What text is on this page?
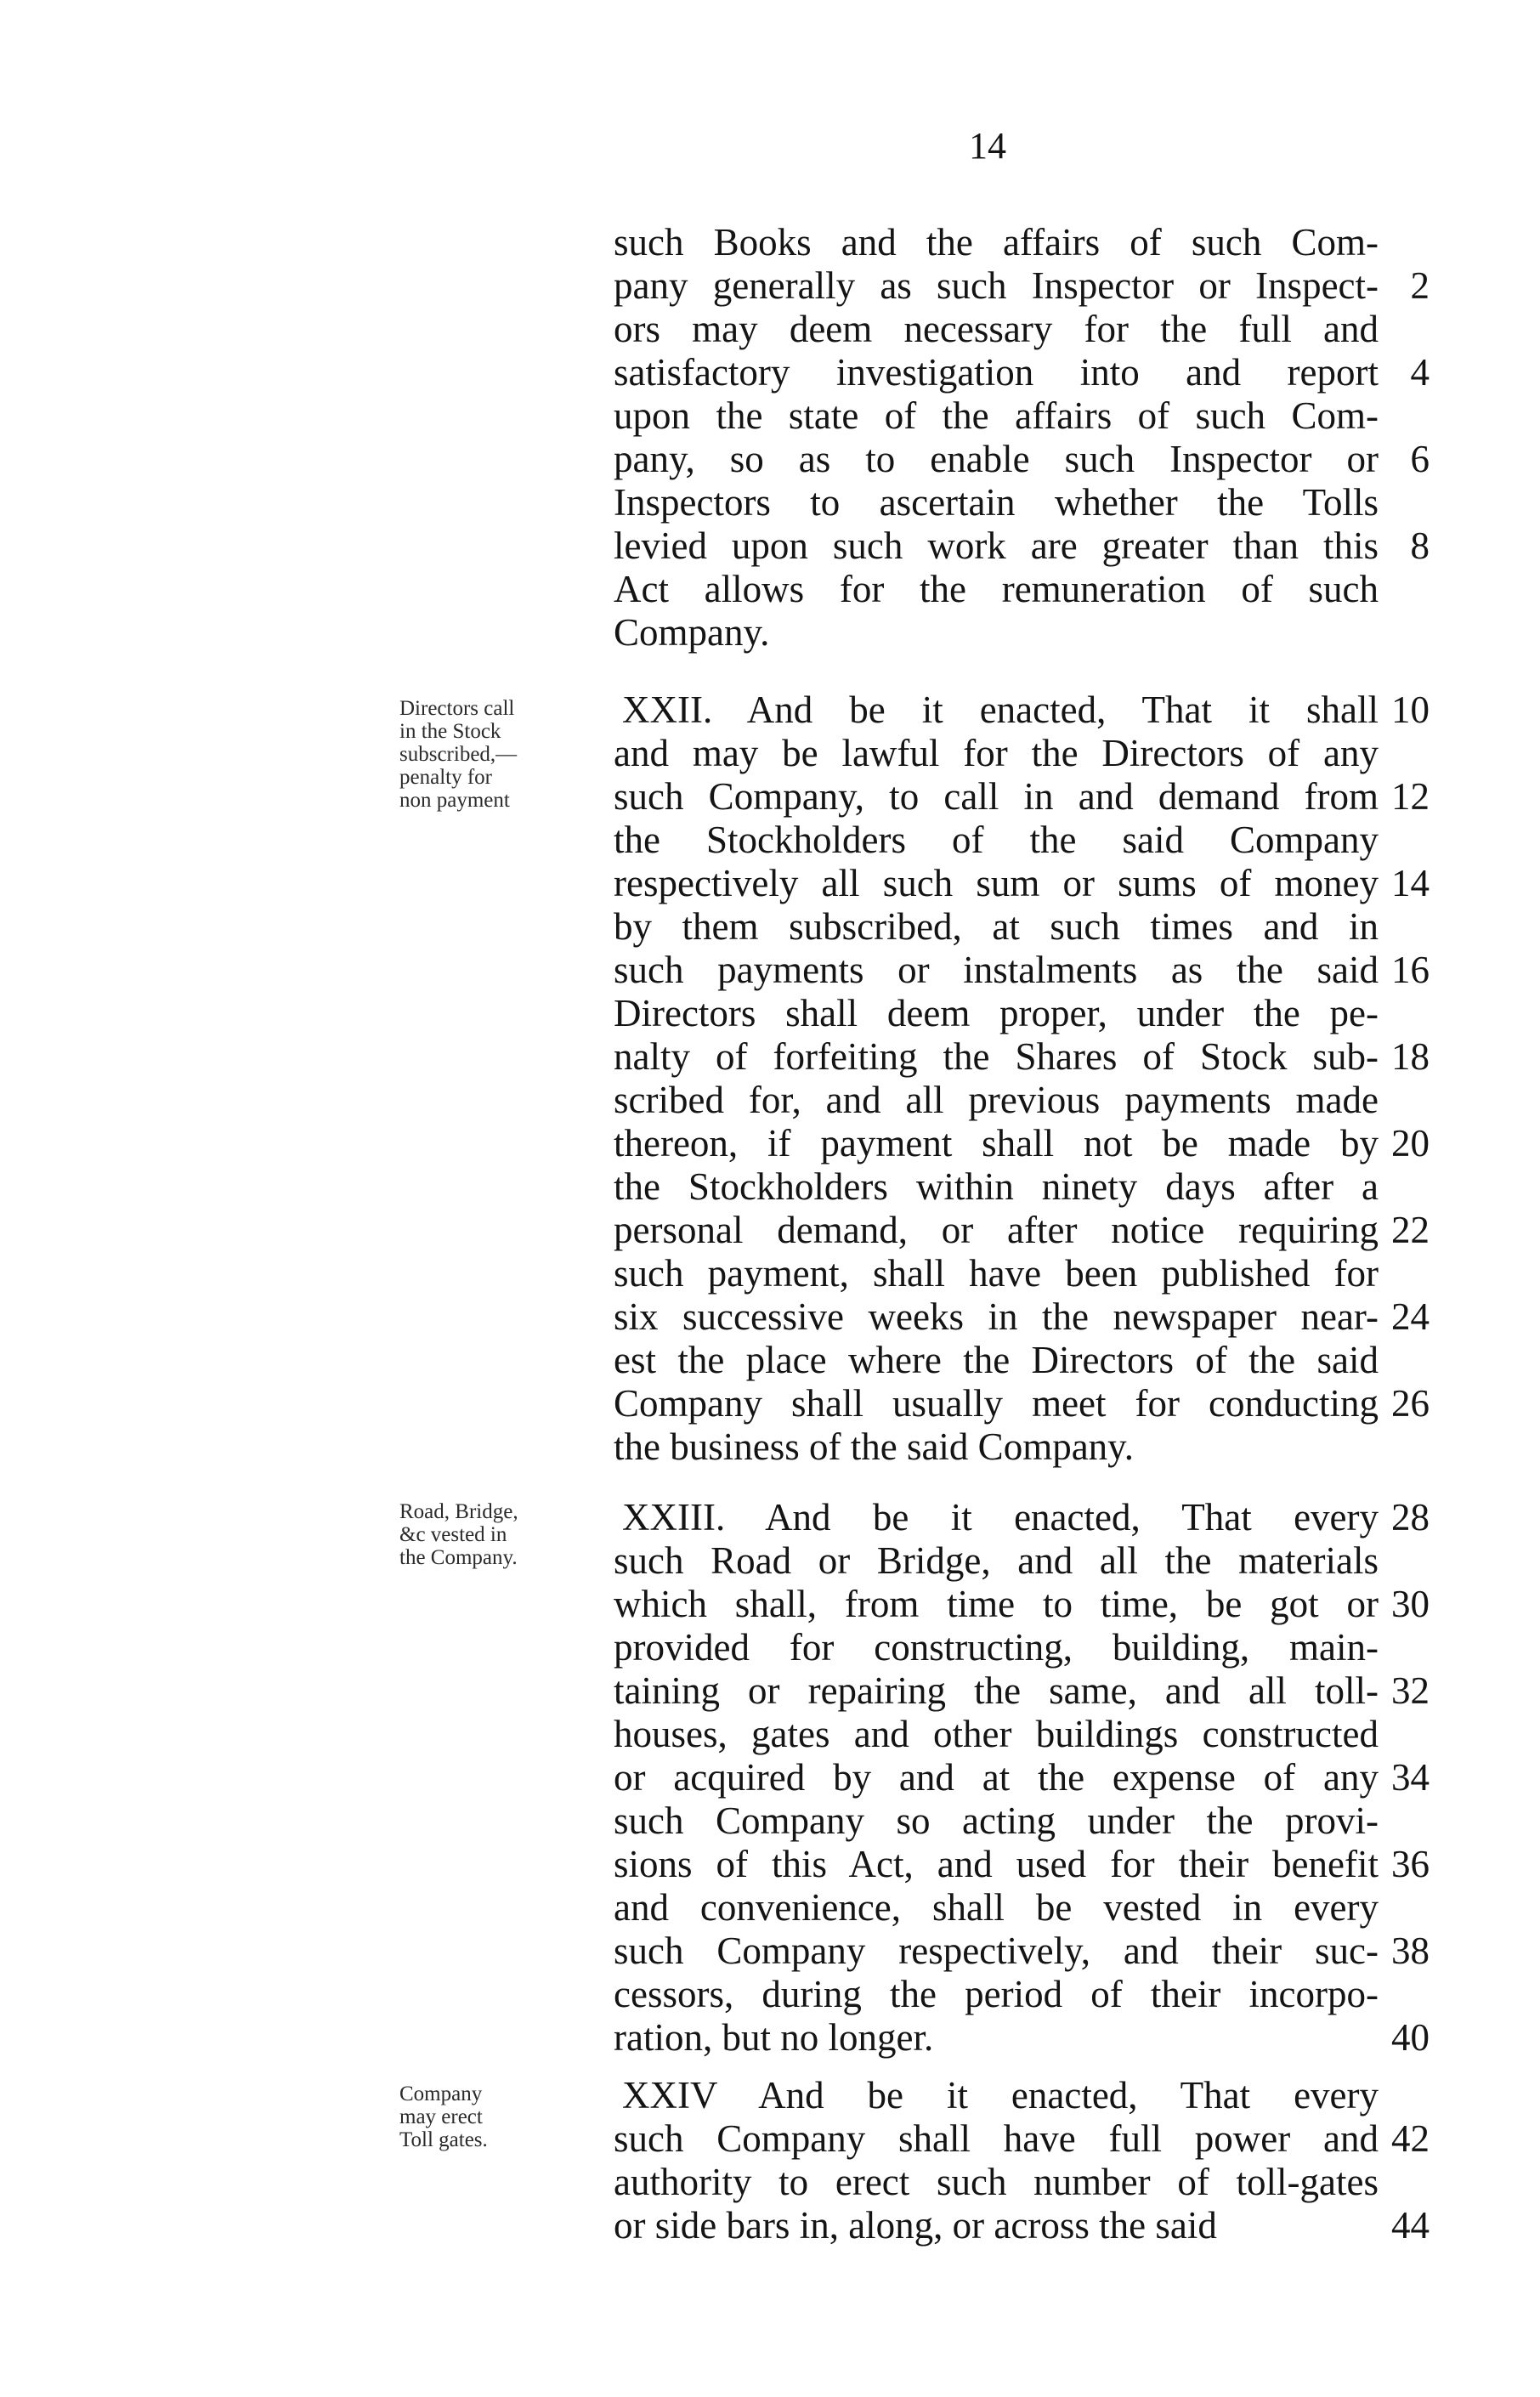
14
Directors call
in the Stock
subscribed,—
penalty for
non payment
Road, Bridge,
&c vested in
the Company.
Company
may erect
Toll gates.
such Books and the affairs of such Com-
pany generally as such Inspector or Inspect- 2
ors may deem necessary for the full and
satisfactory investigation into and report 4
upon the state of the affairs of such Com-
pany, so as to enable such Inspector or 6
Inspectors to ascertain whether the Tolls
levied upon such work are greater than this 8
Act allows for the remuneration of such
Company.
XXII. And be it enacted, That it shall 10
and may be lawful for the Directors of any
such Company, to call in and demand from 12
the Stockholders of the said Company
respectively all such sum or sums of money 14
by them subscribed, at such times and in
such payments or instalments as the said 16
Directors shall deem proper, under the pe-
nalty of forfeiting the Shares of Stock sub- 18
scribed for, and all previous payments made
thereon, if payment shall not be made by 20
the Stockholders within ninety days after a
personal demand, or after notice requiring 22
such payment, shall have been published for
six successive weeks in the newspaper near- 24
est the place where the Directors of the said
Company shall usually meet for conducting 26
the business of the said Company.
XXIII. And be it enacted, That every 28
such Road or Bridge, and all the materials
which shall, from time to time, be got or 30
provided for constructing, building, main-
taining or repairing the same, and all toll- 32
houses, gates and other buildings constructed
or acquired by and at the expense of any 34
such Company so acting under the provi-
sions of this Act, and used for their benefit 36
and convenience, shall be vested in every
such Company respectively, and their suc- 38
cessors, during the period of their incorpo-
ration, but no longer.	40
XXIV And be it enacted, That every
such Company shall have full power and 42
authority to erect such number of toll-gates
or side bars in, along, or across the said	44
